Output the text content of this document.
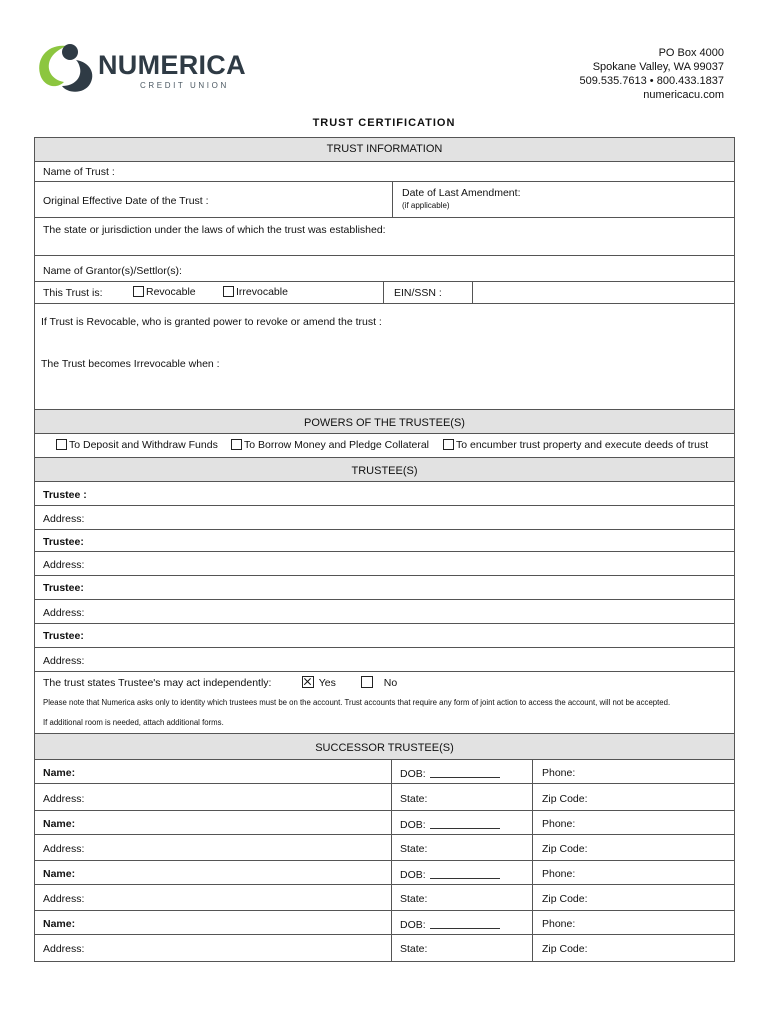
NUMERICA
CREDIT UNION
PO Box 4000
Spokane Valley, WA 99037
509.535.7613 • 800.433.1837
numericacu.com
TRUST CERTIFICATION
TRUST INFORMATION
Name of Trust :
Original Effective Date of the Trust :
Date of Last Amendment:
(if applicable)
The state or jurisdiction under the laws of which the trust was established:
Name of Grantor(s)/Settlor(s):
This Trust is:	Revocable	Irrevocable	EIN/SSN :
If Trust is Revocable, who is granted power to revoke or amend the trust :
The Trust becomes Irrevocable when :
POWERS OF THE TRUSTEE(S)
To Deposit and Withdraw Funds	To Borrow Money and Pledge Collateral	To encumber trust property and execute deeds of trust
TRUSTEE(S)
Trustee :
Address:
Trustee:
Address:
Trustee:
Address:
Trustee:
Address:
The trust states Trustee's may act independently:	Yes	No
Please note that Numerica asks only to identity which trustees must be on the account. Trust accounts that require any form of joint action to access the account, will not be accepted.
If additional room is needed, attach additional forms.
SUCCESSOR TRUSTEE(S)
Name:	DOB:	Phone:
Address:	State:	Zip Code:
Name:	DOB:	Phone:
Address:	State:	Zip Code:
Name:	DOB:	Phone:
Address:	State:	Zip Code:
Name:	DOB:	Phone:
Address:	State:	Zip Code:
